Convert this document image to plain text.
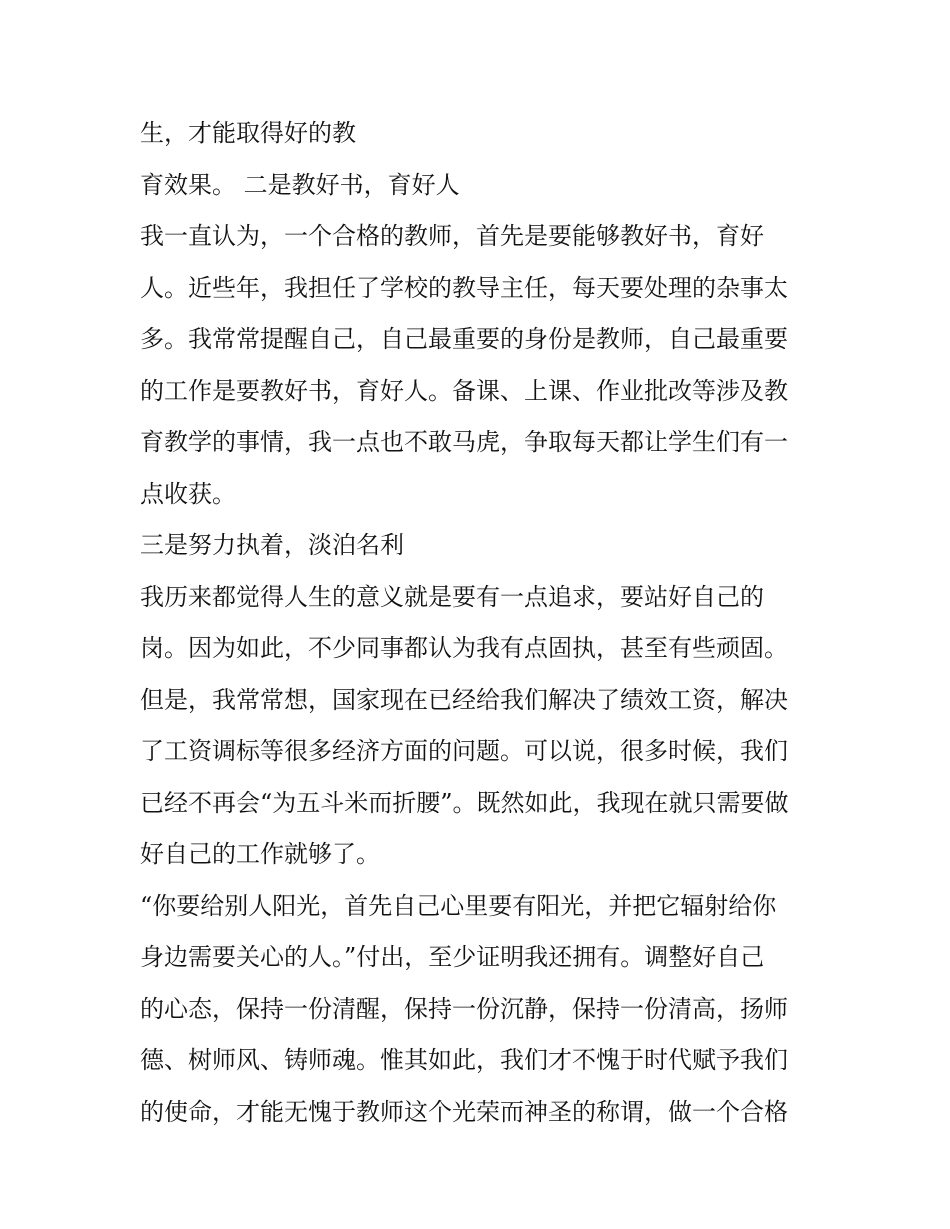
生，才能取得好的教
育效果。 二是教好书，育好人
我一直认为，一个合格的教师，首先是要能够教好书，育好
人。近些年，我担任了学校的教导主任，每天要处理的杂事太
多。我常常提醒自己，自己最重要的身份是教师，自己最重要
的工作是要教好书，育好人。备课、上课、作业批改等涉及教
育教学的事情，我一点也不敢马虎，争取每天都让学生们有一
点收获。
三是努力执着，淡泊名利
我历来都觉得人生的意义就是要有一点追求，要站好自己的
岗。因为如此，不少同事都认为我有点固执，甚至有些顽固。
但是，我常常想，国家现在已经给我们解决了绩效工资，解决
了工资调标等很多经济方面的问题。可以说，很多时候，我们
已经不再会“为五斗米而折腰”。既然如此，我现在就只需要做
好自己的工作就够了。
“你要给别人阳光，首先自己心里要有阳光，并把它辐射给你
身边需要关心的人。”付出，至少证明我还拥有。调整好自己
的心态，保持一份清醒，保持一份沉静，保持一份清高，扬师
德、树师风、铸师魂。惟其如此，我们才不愧于时代赋予我们
的使命，才能无愧于教师这个光荣而神圣的称谓，做一个合格
